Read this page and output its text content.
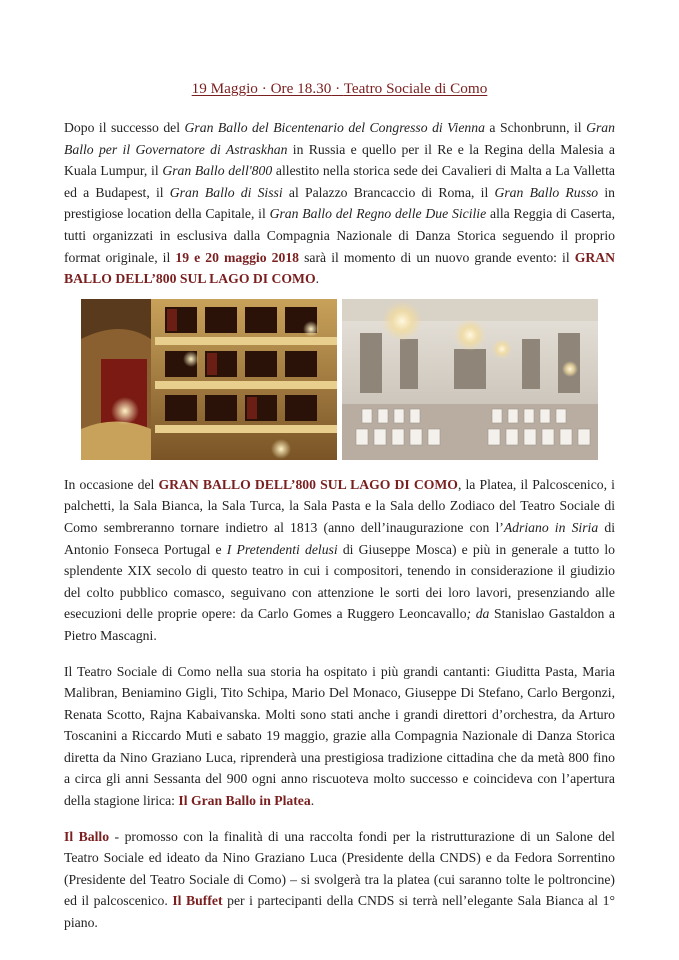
19 Maggio · Ore 18.30 · Teatro Sociale di Como

Dopo il successo del Gran Ballo del Bicentenario del Congresso di Vienna a Schonbrunn, il Gran Ballo per il Governatore di Astraskhan in Russia e quello per il Re e la Regina della Malesia a Kuala Lumpur, il Gran Ballo dell'800 allestito nella storica sede dei Cavalieri di Malta a La Valletta ed a Budapest, il Gran Ballo di Sissi al Palazzo Brancaccio di Roma, il Gran Ballo Russo in prestigiose location della Capitale, il Gran Ballo del Regno delle Due Sicilie alla Reggia di Caserta, tutti organizzati in esclusiva dalla Compagnia Nazionale di Danza Storica seguendo il proprio format originale, il 19 e 20 maggio 2018 sarà il momento di un nuovo grande evento: il GRAN BALLO DELL’800 SUL LAGO DI COMO.

In occasione del GRAN BALLO DELL’800 SUL LAGO DI COMO, la Platea, il Palcoscenico, i palchetti, la Sala Bianca, la Sala Turca, la Sala Pasta e la Sala dello Zodiaco del Teatro Sociale di Como sembreranno tornare indietro al 1813 (anno dell’inaugurazione con l’Adriano in Siria di Antonio Fonseca Portugal e I Pretendenti delusi di Giuseppe Mosca) e più in generale a tutto lo splendente XIX secolo di questo teatro in cui i compositori, tenendo in considerazione il giudizio del colto pubblico comasco, seguivano con attenzione le sorti dei loro lavori, presenziando alle esecuzioni delle proprie opere: da Carlo Gomes a Ruggero Leoncavallo; da Stanislao Gastaldon a Pietro Mascagni.

Il Teatro Sociale di Como nella sua storia ha ospitato i più grandi cantanti: Giuditta Pasta, Maria Malibran, Beniamino Gigli, Tito Schipa, Mario Del Monaco, Giuseppe Di Stefano, Carlo Bergonzi, Renata Scotto, Rajna Kabaivanska. Molti sono stati anche i grandi direttori d’orchestra, da Arturo Toscanini a Riccardo Muti e sabato 19 maggio, grazie alla Compagnia Nazionale di Danza Storica diretta da Nino Graziano Luca, riprenderà una prestigiosa tradizione cittadina che da metà 800 fino a circa gli anni Sessanta del 900 ogni anno riscuoteva molto successo e coincideva con l’apertura della stagione lirica: Il Gran Ballo in Platea.

Il Ballo - promosso con la finalità di una raccolta fondi per la ristrutturazione di un Salone del Teatro Sociale ed ideato da Nino Graziano Luca (Presidente della CNDS) e da Fedora Sorrentino (Presidente del Teatro Sociale di Como) – si svolgerà tra la platea (cui saranno tolte le poltroncine) ed il palcoscenico. Il Buffet per i partecipanti della CNDS si terrà nell’elegante Sala Bianca al 1° piano.
